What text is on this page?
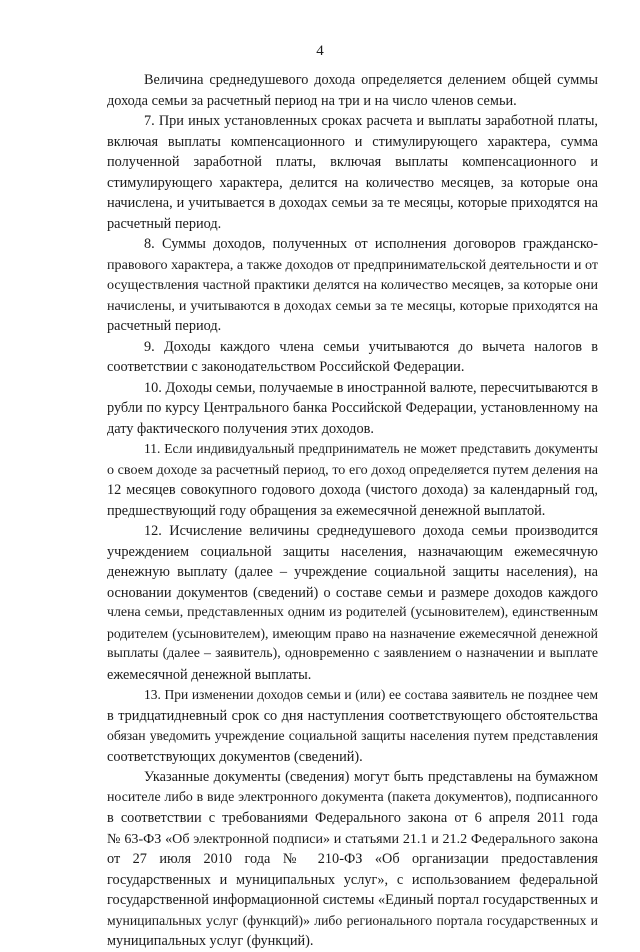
4

Величина среднедушевого дохода определяется делением общей суммы
дохода семьи за расчетный период на три и на число членов семьи.

7. При иных установленных сроках расчета и выплаты заработной платы,
включая выплаты компенсационного и стимулирующего характера, сумма
полученной заработной платы, включая выплаты компенсационного и
стимулирующего характера, делится на количество месяцев, за которые она
начислена, и учитывается в доходах семьи за те месяцы, которые приходятся на
расчетный период.

8. Суммы доходов, полученных от исполнения договоров гражданско-
правового характера, а также доходов от предпринимательской деятельности и от
осуществления частной практики делятся на количество месяцев, за которые они
начислены, и учитываются в доходах семьи за те месяцы, которые приходятся на
расчетный период.

9. Доходы каждого члена семьи учитываются до вычета налогов в
соответствии с законодательством Российской Федерации.

10. Доходы семьи, получаемые в иностранной валюте, пересчитываются в
рубли по курсу Центрального банка Российской Федерации, установленному на
дату фактического получения этих доходов.

11. Если индивидуальный предприниматель не может представить документы
о своем доходе за расчетный период, то его доход определяется путем деления на
12 месяцев совокупного годового дохода (чистого дохода) за календарный год,
предшествующий году обращения за ежемесячной денежной выплатой.

12. Исчисление величины среднедушевого дохода семьи производится
учреждением социальной защиты населения, назначающим ежемесячную
денежную выплату (далее – учреждение социальной защиты населения), на
основании документов (сведений) о составе семьи и размере доходов каждого
члена семьи, представленных одним из родителей (усыновителем), единственным
родителем (усыновителем), имеющим право на назначение ежемесячной денежной
выплаты (далее – заявитель), одновременно с заявлением о назначении и выплате
ежемесячной денежной выплаты.

13. При изменении доходов семьи и (или) ее состава заявитель не позднее чем
в тридцатидневный срок со дня наступления соответствующего обстоятельства
обязан уведомить учреждение социальной защиты населения путем представления
соответствующих документов (сведений).

Указанные документы (сведения) могут быть представлены на бумажном
носителе либо в виде электронного документа (пакета документов), подписанного
в соответствии с требованиями Федерального закона от 6 апреля 2011 года
№ 63-ФЗ «Об электронной подписи» и статьями 21.1 и 21.2 Федерального закона
от 27 июля 2010 года № 210-ФЗ «Об организации предоставления
государственных и муниципальных услуг», с использованием федеральной
государственной информационной системы «Единый портал государственных и
муниципальных услуг (функций)» либо регионального портала государственных и
муниципальных услуг (функций).
